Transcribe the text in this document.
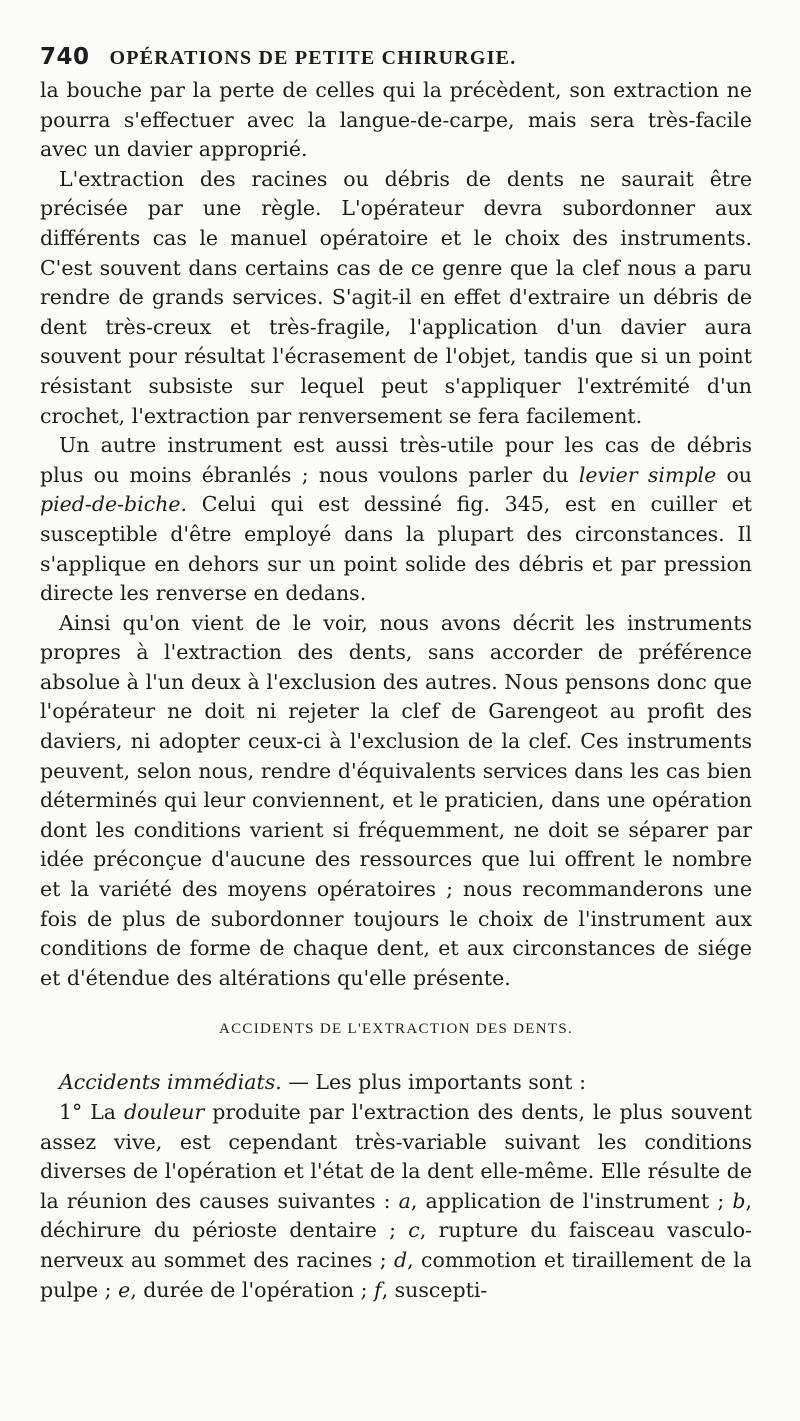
740 OPÉRATIONS DE PETITE CHIRURGIE.

la bouche par la perte de celles qui la précèdent, son extraction ne pourra s'effectuer avec la langue-de-carpe, mais sera très-facile avec un davier approprié.

L'extraction des racines ou débris de dents ne saurait être précisée par une règle. L'opérateur devra subordonner aux différents cas le manuel opératoire et le choix des instruments. C'est souvent dans certains cas de ce genre que la clef nous a paru rendre de grands services. S'agit-il en effet d'extraire un débris de dent très-creux et très-fragile, l'application d'un davier aura souvent pour résultat l'écrasement de l'objet, tandis que si un point résistant subsiste sur lequel peut s'appliquer l'extrémité d'un crochet, l'extraction par renversement se fera facilement.

Un autre instrument est aussi très-utile pour les cas de débris plus ou moins ébranlés ; nous voulons parler du levier simple ou pied-de-biche. Celui qui est dessiné fig. 345, est en cuiller et susceptible d'être employé dans la plupart des circonstances. Il s'applique en dehors sur un point solide des débris et par pression directe les renverse en dedans.

Ainsi qu'on vient de le voir, nous avons décrit les instruments propres à l'extraction des dents, sans accorder de préférence absolue à l'un deux à l'exclusion des autres. Nous pensons donc que l'opérateur ne doit ni rejeter la clef de Garengeot au profit des daviers, ni adopter ceux-ci à l'exclusion de la clef. Ces instruments peuvent, selon nous, rendre d'équivalents services dans les cas bien déterminés qui leur conviennent, et le praticien, dans une opération dont les conditions varient si fréquemment, ne doit se séparer par idée préconçue d'aucune des ressources que lui offrent le nombre et la variété des moyens opératoires ; nous recommanderons une fois de plus de subordonner toujours le choix de l'instrument aux conditions de forme de chaque dent, et aux circonstances de siége et d'étendue des altérations qu'elle présente.

ACCIDENTS DE L'EXTRACTION DES DENTS.

Accidents immédiats. — Les plus importants sont :

1° La douleur produite par l'extraction des dents, le plus souvent assez vive, est cependant très-variable suivant les conditions diverses de l'opération et l'état de la dent elle-même. Elle résulte de la réunion des causes suivantes : a, application de l'instrument ; b, déchirure du périoste dentaire ; c, rupture du faisceau vasculo-nerveux au sommet des racines ; d, commotion et tiraillement de la pulpe ; e, durée de l'opération ; f, suscepti-
